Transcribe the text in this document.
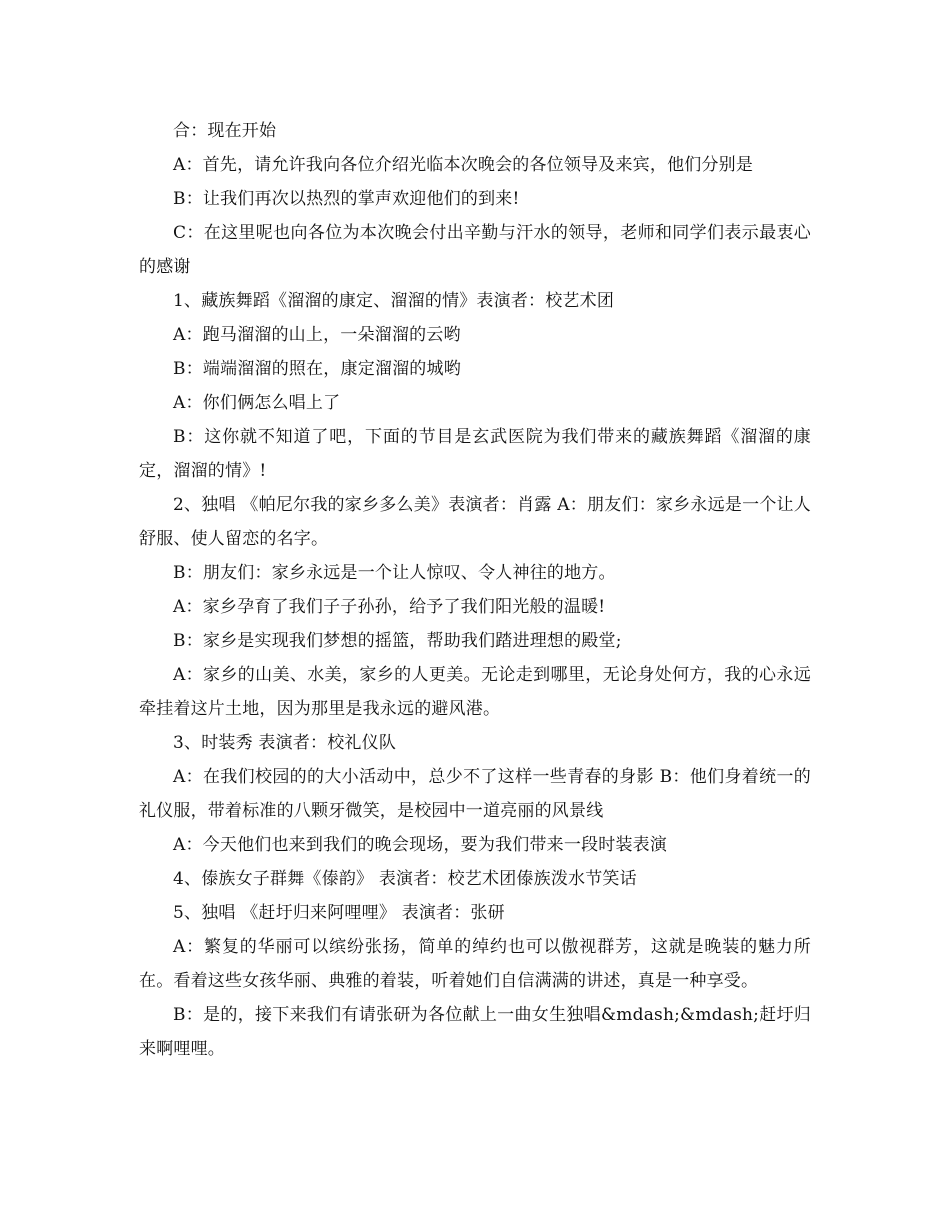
合：现在开始

A：首先，请允许我向各位介绍光临本次晚会的各位领导及来宾，他们分别是

B：让我们再次以热烈的掌声欢迎他们的到来!

C：在这里呢也向各位为本次晚会付出辛勤与汗水的领导，老师和同学们表示最衷心的感谢

1、藏族舞蹈《溜溜的康定、溜溜的情》表演者：校艺术团

A：跑马溜溜的山上，一朵溜溜的云哟

B：端端溜溜的照在，康定溜溜的城哟

A：你们俩怎么唱上了

B：这你就不知道了吧，下面的节目是玄武医院为我们带来的藏族舞蹈《溜溜的康定，溜溜的情》!

2、独唱 《帕尼尔我的家乡多么美》表演者：肖露 A：朋友们：家乡永远是一个让人舒服、使人留恋的名字。

B：朋友们：家乡永远是一个让人惊叹、令人神往的地方。

A：家乡孕育了我们子子孙孙，给予了我们阳光般的温暖!

B：家乡是实现我们梦想的摇篮，帮助我们踏进理想的殿堂;

A：家乡的山美、水美，家乡的人更美。无论走到哪里，无论身处何方，我的心永远牵挂着这片土地，因为那里是我永远的避风港。

3、时装秀 表演者：校礼仪队

A：在我们校园的的大小活动中，总少不了这样一些青春的身影 B：他们身着统一的礼仪服，带着标准的八颗牙微笑，是校园中一道亮丽的风景线

A：今天他们也来到我们的晚会现场，要为我们带来一段时装表演

4、傣族女子群舞《傣韵》 表演者：校艺术团傣族泼水节笑话

5、独唱 《赶圩归来阿哩哩》 表演者：张研

A：繁复的华丽可以缤纷张扬，简单的绰约也可以傲视群芳，这就是晚装的魅力所在。看着这些女孩华丽、典雅的着装，听着她们自信满满的讲述，真是一种享受。

B：是的，接下来我们有请张研为各位献上一曲女生独唱&mdash;&mdash;赶圩归来啊哩哩。
